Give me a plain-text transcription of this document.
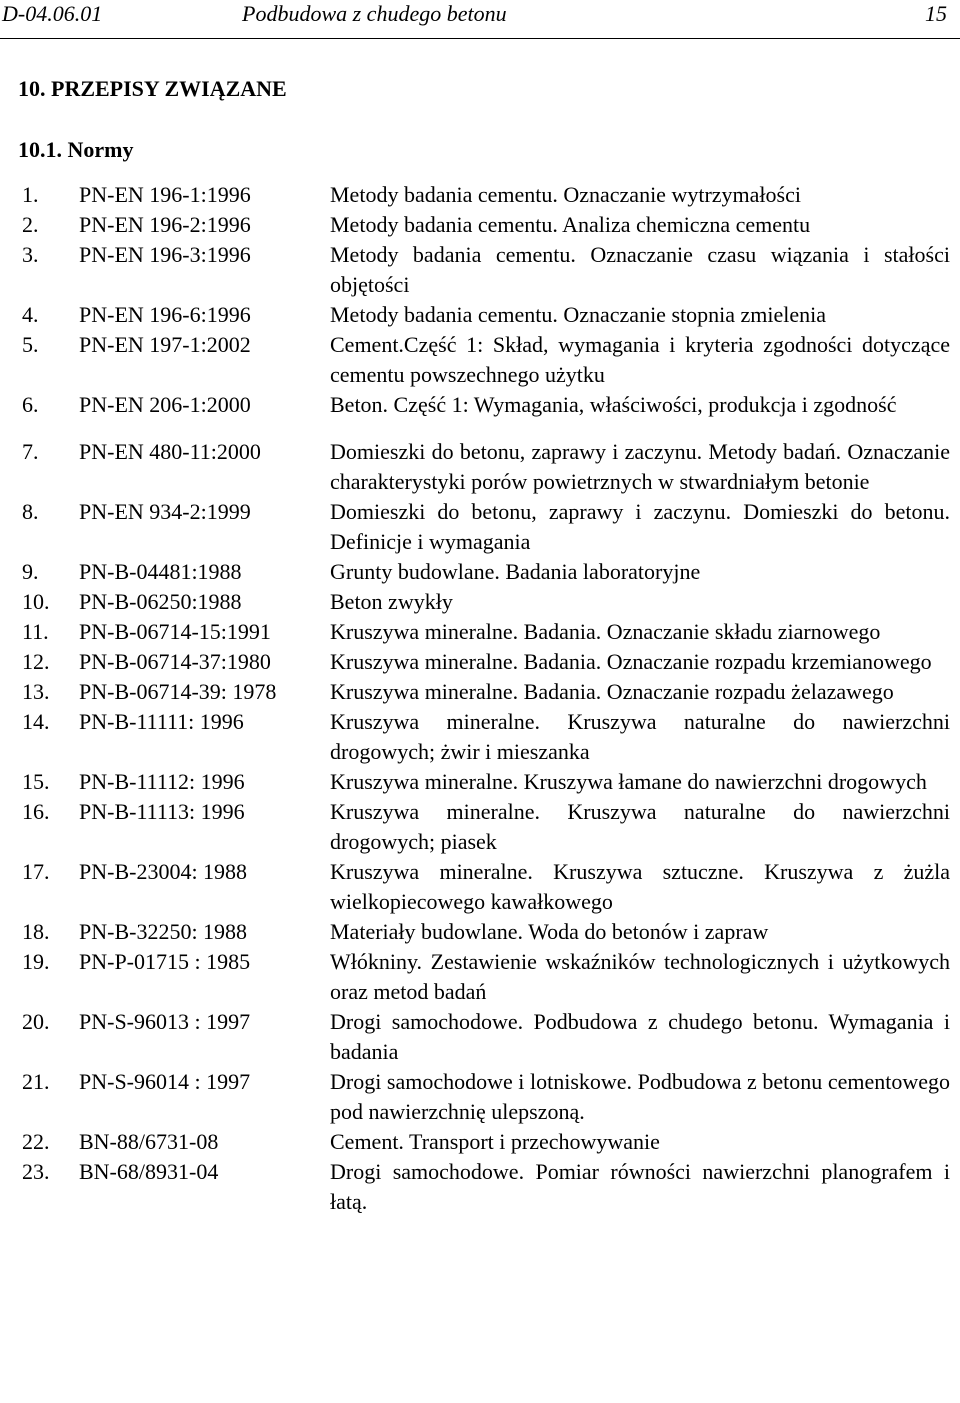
D-04.06.01	Podbudowa z chudego betonu	15
10. PRZEPISY ZWIĄZANE
10.1. Normy
1.	PN-EN 196-1:1996	Metody badania cementu. Oznaczanie wytrzymałości
2.	PN-EN 196-2:1996	Metody badania cementu. Analiza chemiczna cementu
3.	PN-EN 196-3:1996	Metody badania cementu. Oznaczanie czasu wiązania i stałości objętości
4.	PN-EN 196-6:1996	Metody badania cementu. Oznaczanie stopnia zmielenia
5.	PN-EN 197-1:2002	Cement.Część 1: Skład, wymagania i kryteria zgodności dotyczące cementu powszechnego użytku
6.	PN-EN 206-1:2000	Beton. Część 1: Wymagania, właściwości, produkcja i zgodność
7.	PN-EN 480-11:2000	Domieszki do betonu, zaprawy i zaczynu. Metody badań. Oznaczanie charakterystyki porów powietrznych w stwardniałym betonie
8.	PN-EN 934-2:1999	Domieszki do betonu, zaprawy i zaczynu. Domieszki do betonu. Definicje i wymagania
9.	PN-B-04481:1988	Grunty budowlane. Badania laboratoryjne
10.	PN-B-06250:1988	Beton zwykły
11.	PN-B-06714-15:1991	Kruszywa mineralne. Badania. Oznaczanie składu ziarnowego
12.	PN-B-06714-37:1980	Kruszywa mineralne. Badania. Oznaczanie rozpadu krzemianowego
13.	PN-B-06714-39: 1978	Kruszywa mineralne. Badania. Oznaczanie rozpadu żelazawego
14.	PN-B-11111: 1996	Kruszywa mineralne. Kruszywa naturalne do nawierzchni drogowych; żwir i mieszanka
15.	PN-B-11112: 1996	Kruszywa mineralne. Kruszywa łamane do nawierzchni drogowych
16.	PN-B-11113: 1996	Kruszywa mineralne. Kruszywa naturalne do nawierzchni drogowych; piasek
17.	PN-B-23004: 1988	Kruszywa mineralne. Kruszywa sztuczne. Kruszywa z żużla wielkopiecowego kawałkowego
18.	PN-B-32250: 1988	Materiały budowlane. Woda do betonów i zapraw
19.	PN-P-01715 : 1985	Włókniny. Zestawienie wskaźników technologicznych i użytkowych oraz metod badań
20.	PN-S-96013 : 1997	Drogi samochodowe. Podbudowa z chudego betonu. Wymagania i badania
21.	PN-S-96014 : 1997	Drogi samochodowe i lotniskowe. Podbudowa z betonu cementowego pod nawierzchnię ulepszoną.
22.	BN-88/6731-08	Cement. Transport i przechowywanie
23.	BN-68/8931-04	Drogi samochodowe. Pomiar równości nawierzchni planografem i łatą.
